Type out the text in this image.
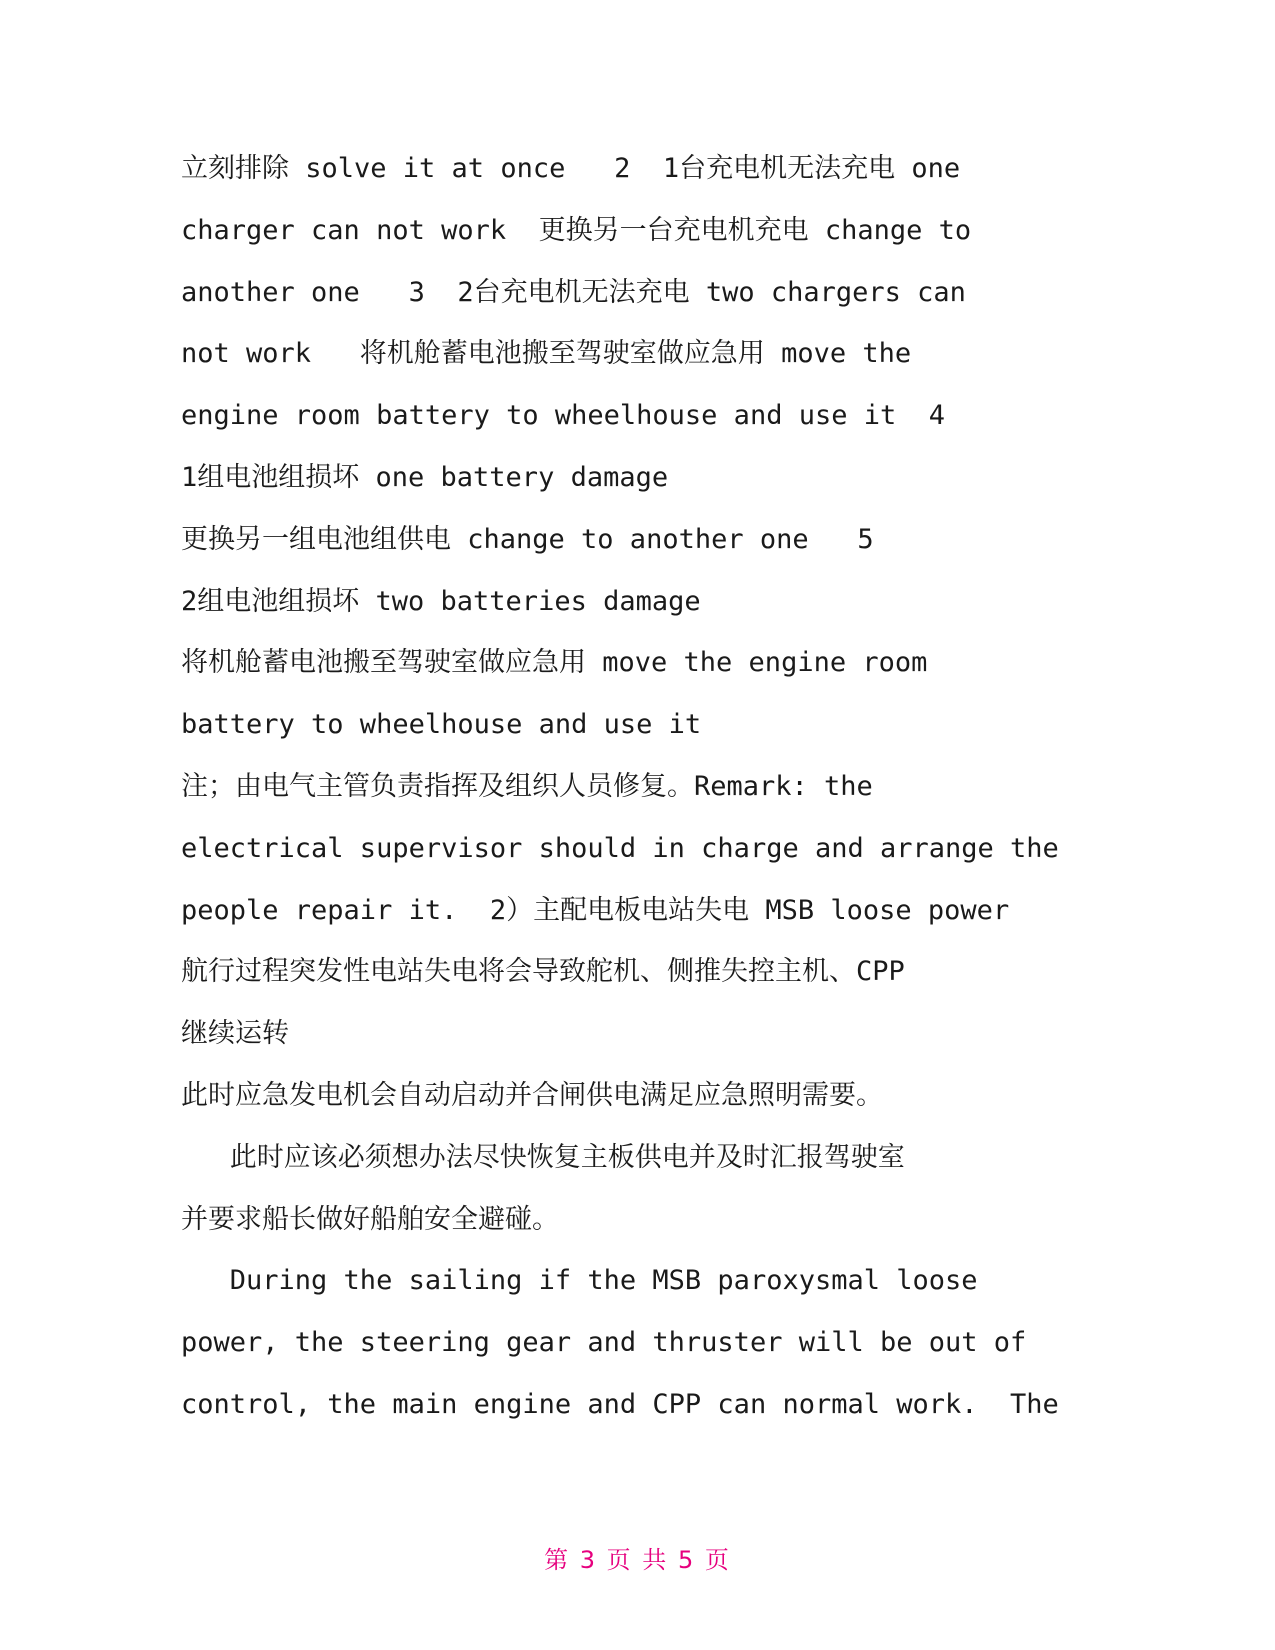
立刻排除 solve it at once   2  1台充电机无法充电 one
charger can not work  更换另一台充电机充电 change to
another one   3  2台充电机无法充电 two chargers can
not work   将机舱蓄电池搬至驾驶室做应急用 move the
engine room battery to wheelhouse and use it  4
1组电池组损坏 one battery damage
更换另一组电池组供电 change to another one   5
2组电池组损坏 two batteries damage
将机舱蓄电池搬至驾驶室做应急用 move the engine room
battery to wheelhouse and use it
注；由电气主管负责指挥及组织人员修复。Remark: the
electrical supervisor should in charge and arrange the
people repair it.  2）主配电板电站失电 MSB loose power
航行过程突发性电站失电将会导致舵机、侧推失控主机、CPP
继续运转
此时应急发电机会自动启动并合闸供电满足应急照明需要。
此时应该必须想办法尽快恢复主板供电并及时汇报驾驶室
并要求船长做好船舶安全避碰。
During the sailing if the MSB paroxysmal loose
power, the steering gear and thruster will be out of
control, the main engine and CPP can normal work.  The
第 3 页 共 5 页
